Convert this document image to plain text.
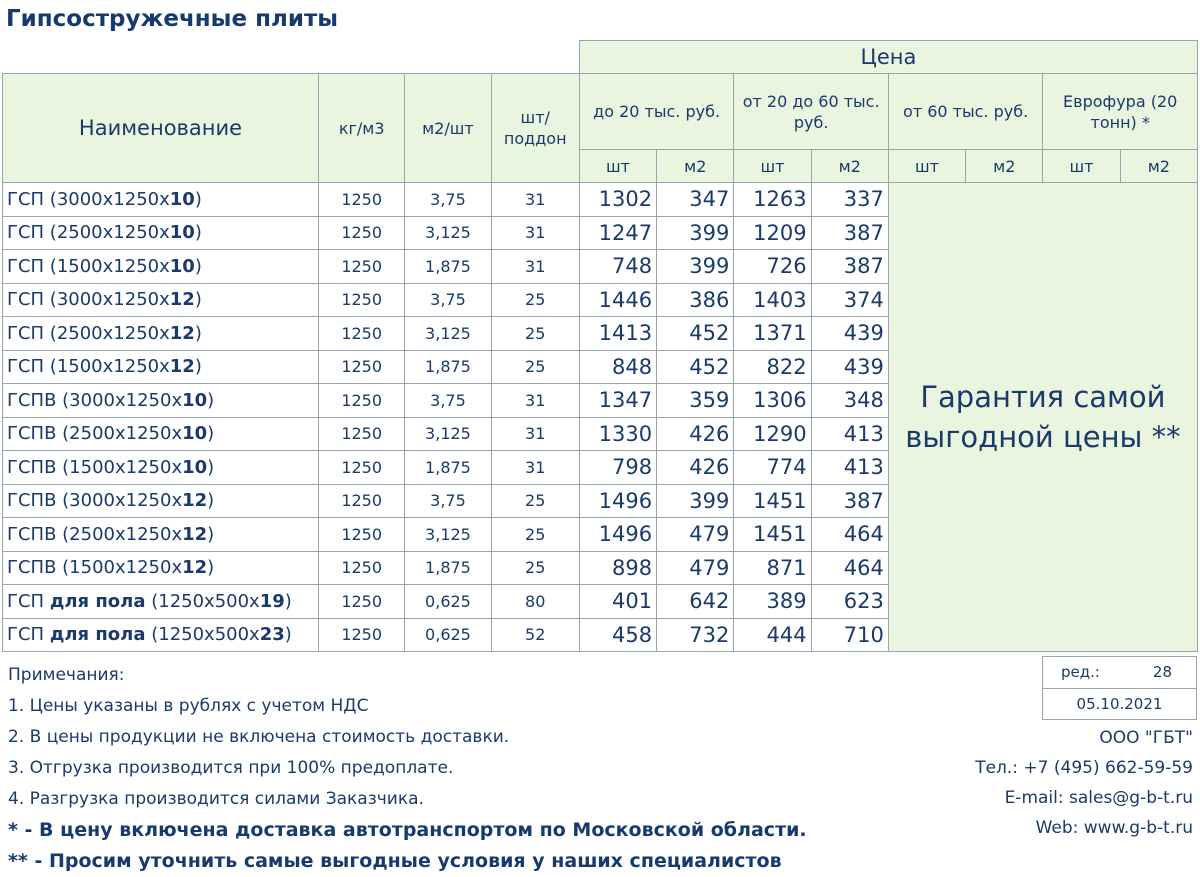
Гипсостружечные плиты
				Цена							
Наименование	кг/м3	м2/шт	шт/ поддон	до 20 тыс. руб.		от 20 до 60 тыс. руб.		от 60 тыс. руб.		Еврофура (20 тонн) *	
				шт	м2	шт	м2	шт	м2	шт	м2
ГСП (3000х1250х10)	1250	3,75	31	1302	347	1263	337	Гарантия самой выгодной цены **			
ГСП (2500х1250х10)	1250	3,125	31	1247	399	1209	387				
ГСП (1500х1250х10)	1250	1,875	31	748	399	726	387				
ГСП (3000х1250х12)	1250	3,75	25	1446	386	1403	374				
ГСП (2500х1250х12)	1250	3,125	25	1413	452	1371	439				
ГСП (1500х1250х12)	1250	1,875	25	848	452	822	439				
ГСПВ (3000х1250х10)	1250	3,75	31	1347	359	1306	348				
ГСПВ (2500х1250х10)	1250	3,125	31	1330	426	1290	413				
ГСПВ (1500х1250х10)	1250	1,875	31	798	426	774	413				
ГСПВ (3000х1250х12)	1250	3,75	25	1496	399	1451	387				
ГСПВ (2500х1250х12)	1250	3,125	25	1496	479	1451	464				
ГСПВ (1500х1250х12)	1250	1,875	25	898	479	871	464				
ГСП для пола (1250х500х19)	1250	0,625	80	401	642	389	623				
ГСП для пола (1250х500х23)	1250	0,625	52	458	732	444	710				
Примечания:
1. Цены указаны в рублях с учетом НДС
2. В цены продукции не включена стоимость доставки.
3. Отгрузка производится при 100% предоплате.
4. Разгрузка производится силами Заказчика.
* - В цену включена доставка автотранспортом по Московской области.
** - Просим уточнить самые выгодные условия у наших специалистов
ред.:	28
05.10.2021
ООО "ГБТ"
Тел.: +7 (495) 662-59-59
E-mail: sales@g-b-t.ru
Web: www.g-b-t.ru
